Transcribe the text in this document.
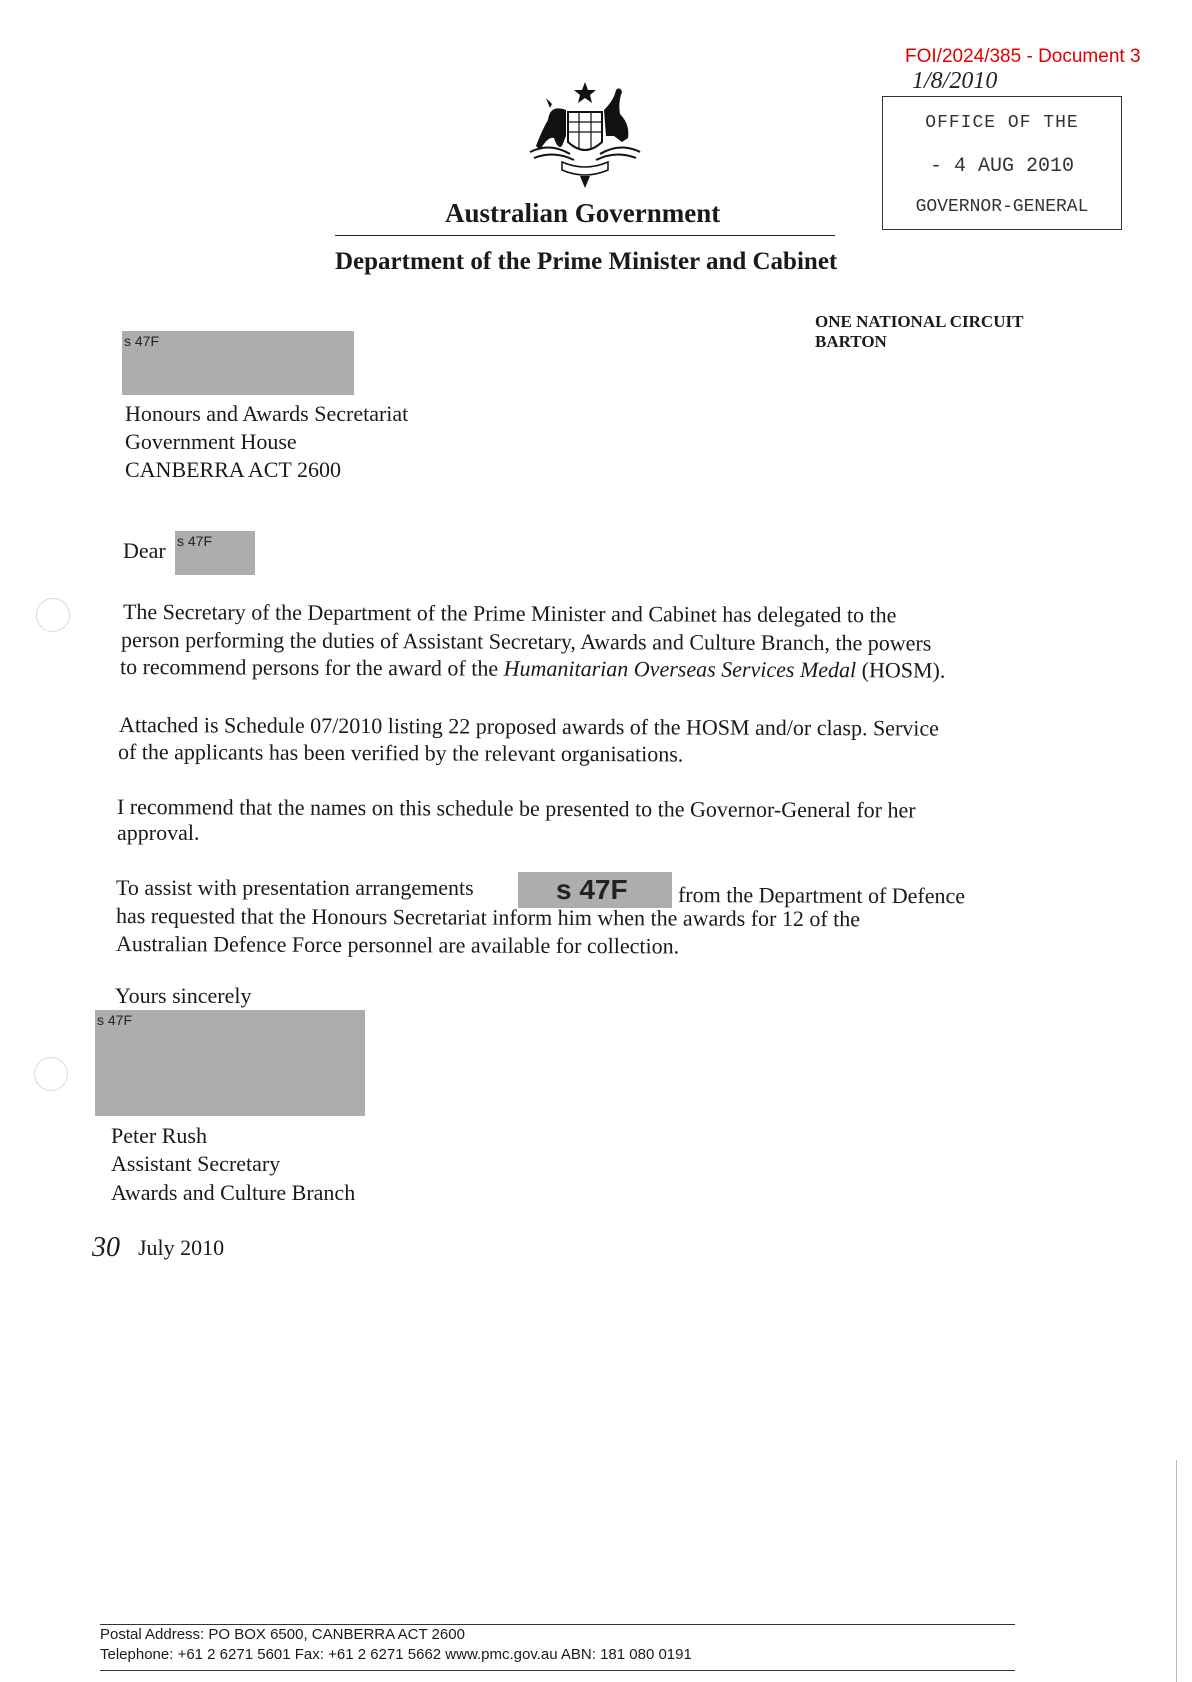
FOI/2024/385 - Document 3
1/8/2010
OFFICE OF THE
- 4 AUG 2010
GOVERNOR-GENERAL
Australian Government
Department of the Prime Minister and Cabinet
ONE NATIONAL CIRCUIT
BARTON
s 47F
Honours and Awards Secretariat
Government House
CANBERRA ACT 2600
Dear s 47F
The Secretary of the Department of the Prime Minister and Cabinet has delegated to the
person performing the duties of Assistant Secretary, Awards and Culture Branch, the powers
to recommend persons for the award of the Humanitarian Overseas Services Medal (HOSM).
Attached is Schedule 07/2010 listing 22 proposed awards of the HOSM and/or clasp. Service
of the applicants has been verified by the relevant organisations.
I recommend that the names on this schedule be presented to the Governor-General for her
approval.
To assist with presentation arrangements	s 47F from the Department of Defence
has requested that the Honours Secretariat inform him when the awards for 12 of the
Australian Defence Force personnel are available for collection.
Yours sincerely
s 47F
Peter Rush
Assistant Secretary
Awards and Culture Branch
30 July 2010
Postal Address: PO BOX 6500, CANBERRA ACT 2600
Telephone: +61 2 6271 5601 Fax: +61 2 6271 5662 www.pmc.gov.au ABN: 181 080 0191
